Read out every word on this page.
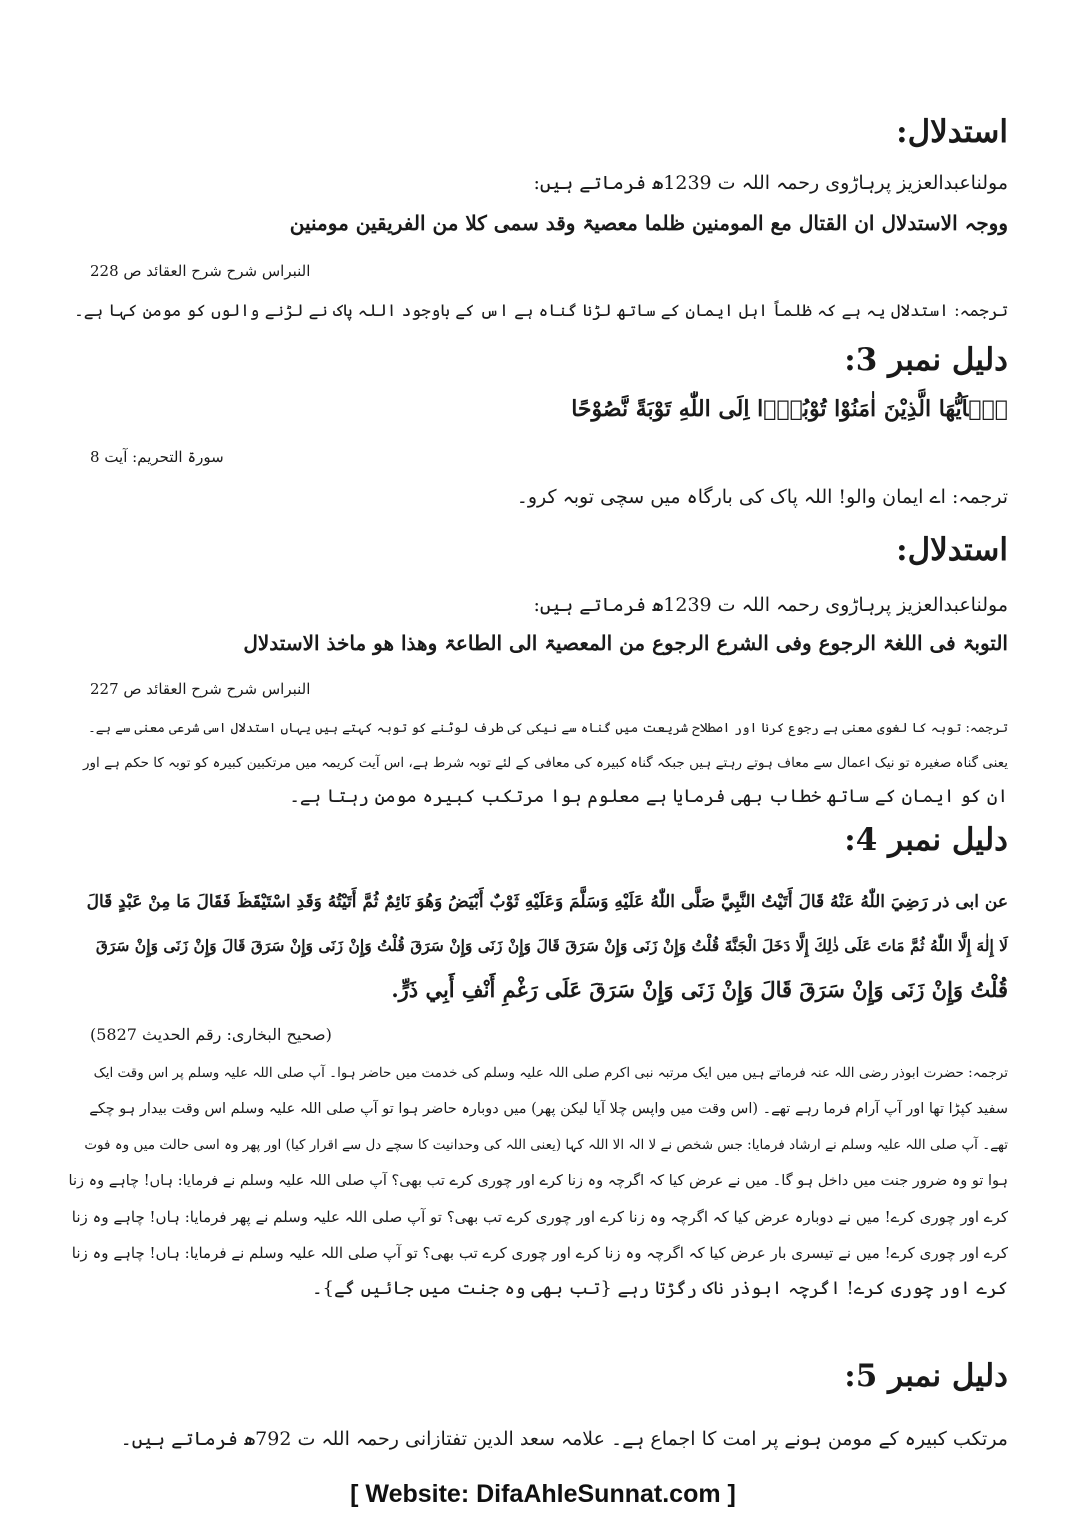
استدلال:
مولناعبدالعزیز پرہاڑوی رحمہ اللہ ت 1239ھ فرماتے ہیں:
ووجہ الاستدلال ان القتال مع المومنین ظلما معصیۃ وقد سمی کلا من الفریقین مومنین
النبراس شرح شرح العقائد ص 228
ترجمہ: استدلال یہ ہے کہ ظلماً اہل ایمان کے ساتھ لڑنا گناہ ہے اس کے باوجود اللہ پاک نے لڑنے والوں کو مومن کہا ہے۔
دلیل نمبر 3:
یٰۤاَیُّهَا الَّذِیْنَ اٰمَنُوْا تُوْبُوْۤا اِلَى اللّٰهِ تَوْبَةً نَّصُوْحًا
سورۃ التحریم: آیت 8
ترجمہ: اے ایمان والو! اللہ پاک کی بارگاہ میں سچی توبہ کرو۔
استدلال:
مولناعبدالعزیز پرہاڑوی رحمہ اللہ ت 1239ھ فرماتے ہیں:
التوبۃ فی اللغۃ الرجوع وفی الشرع الرجوع من المعصیۃ الی الطاعۃ وھذا ھو ماخذ الاستدلال
النبراس شرح شرح العقائد ص 227
ترجمہ: توبہ کا لغوی معنی ہے رجوع کرنا اور اصطلاح شریعت میں گناہ سے نیکی کی طرف لوٹنے کو توبہ کہتے ہیں یہاں استدلال اسی شرعی معنی سے ہے۔
یعنی گناہ صغیرہ تو نیک اعمال سے معاف ہوتے رہتے ہیں جبکہ گناہ کبیرہ کی معافی کے لئے توبہ شرط ہے، اس آیت کریمہ میں مرتکبین کبیرہ کو توبہ کا حکم ہے اور
ان کو ایمان کے ساتھ خطاب بھی فرمایا ہے معلوم ہوا مرتکب کبیرہ مومن رہتا ہے۔
دلیل نمبر 4:
عن ابی ذر رَضِيَ اللّٰهُ عَنْهُ قَالَ أَتَيْتُ النَّبِيَّ صَلَّى اللّٰهُ عَلَيْهِ وَسَلَّمَ وَعَلَيْهِ ثَوْبٌ أَبْيَضُ وَهُوَ نَائِمٌ ثُمَّ أَتَيْتُهُ وَقَدِ اسْتَيْقَظَ فَقَالَ مَا مِنْ عَبْدٍ قَالَ
لَا إِلٰهَ إِلَّا اللّٰهُ ثُمَّ مَاتَ عَلَى ذٰلِكَ إِلَّا دَخَلَ الْجَنَّةَ قُلْتُ وَإِنْ زَنَى وَإِنْ سَرَقَ قَالَ وَإِنْ زَنَى وَإِنْ سَرَقَ قُلْتُ وَإِنْ زَنَى وَإِنْ سَرَقَ قَالَ وَإِنْ زَنَى وَإِنْ سَرَقَ
قُلْتُ وَإِنْ زَنَى وَإِنْ سَرَقَ قَالَ وَإِنْ زَنَى وَإِنْ سَرَقَ عَلَى رَغْمِ أَنْفِ أَبِي ذَرٍّ.
(صحیح البخاری: رقم الحدیث 5827)
ترجمہ: حضرت ابوذر رضی اللہ عنہ فرماتے ہیں میں ایک مرتبہ نبی اکرم صلی اللہ علیہ وسلم کی خدمت میں حاضر ہوا۔ آپ صلی اللہ علیہ وسلم پر اس وقت ایک
سفید کپڑا تھا اور آپ آرام فرما رہے تھے۔ (اس وقت میں واپس چلا آیا لیکن پھر) میں دوبارہ حاضر ہوا تو آپ صلی اللہ علیہ وسلم اس وقت بیدار ہو چکے
تھے۔ آپ صلی اللہ علیہ وسلم نے ارشاد فرمایا: جس شخص نے لا الہ الا اللہ کہا (یعنی اللہ کی وحدانیت کا سچے دل سے اقرار کیا) اور پھر وہ اسی حالت میں وہ فوت
ہوا تو وہ ضرور جنت میں داخل ہو گا۔ میں نے عرض کیا کہ اگرچہ وہ زنا کرے اور چوری کرے تب بھی؟ آپ صلی اللہ علیہ وسلم نے فرمایا: ہاں! چاہے وہ زنا
کرے اور چوری کرے! میں نے دوبارہ عرض کیا کہ اگرچہ وہ زنا کرے اور چوری کرے تب بھی؟ تو آپ صلی اللہ علیہ وسلم نے پھر فرمایا: ہاں! چاہے وہ زنا
کرے اور چوری کرے! میں نے تیسری بار عرض کیا کہ اگرچہ وہ زنا کرے اور چوری کرے تب بھی؟ تو آپ صلی اللہ علیہ وسلم نے فرمایا: ہاں! چاہے وہ زنا
کرے اور چوری کرے! اگرچہ ابوذر ناک رگڑتا رہے {تب بھی وہ جنت میں جائیں گے}۔
دلیل نمبر 5:
مرتکب کبیرہ کے مومن ہونے پر امت کا اجماع ہے۔ علامہ سعد الدین تفتازانی رحمہ اللہ ت 792ھ فرماتے ہیں۔
[ Website: DifaAhleSunnat.com ]
